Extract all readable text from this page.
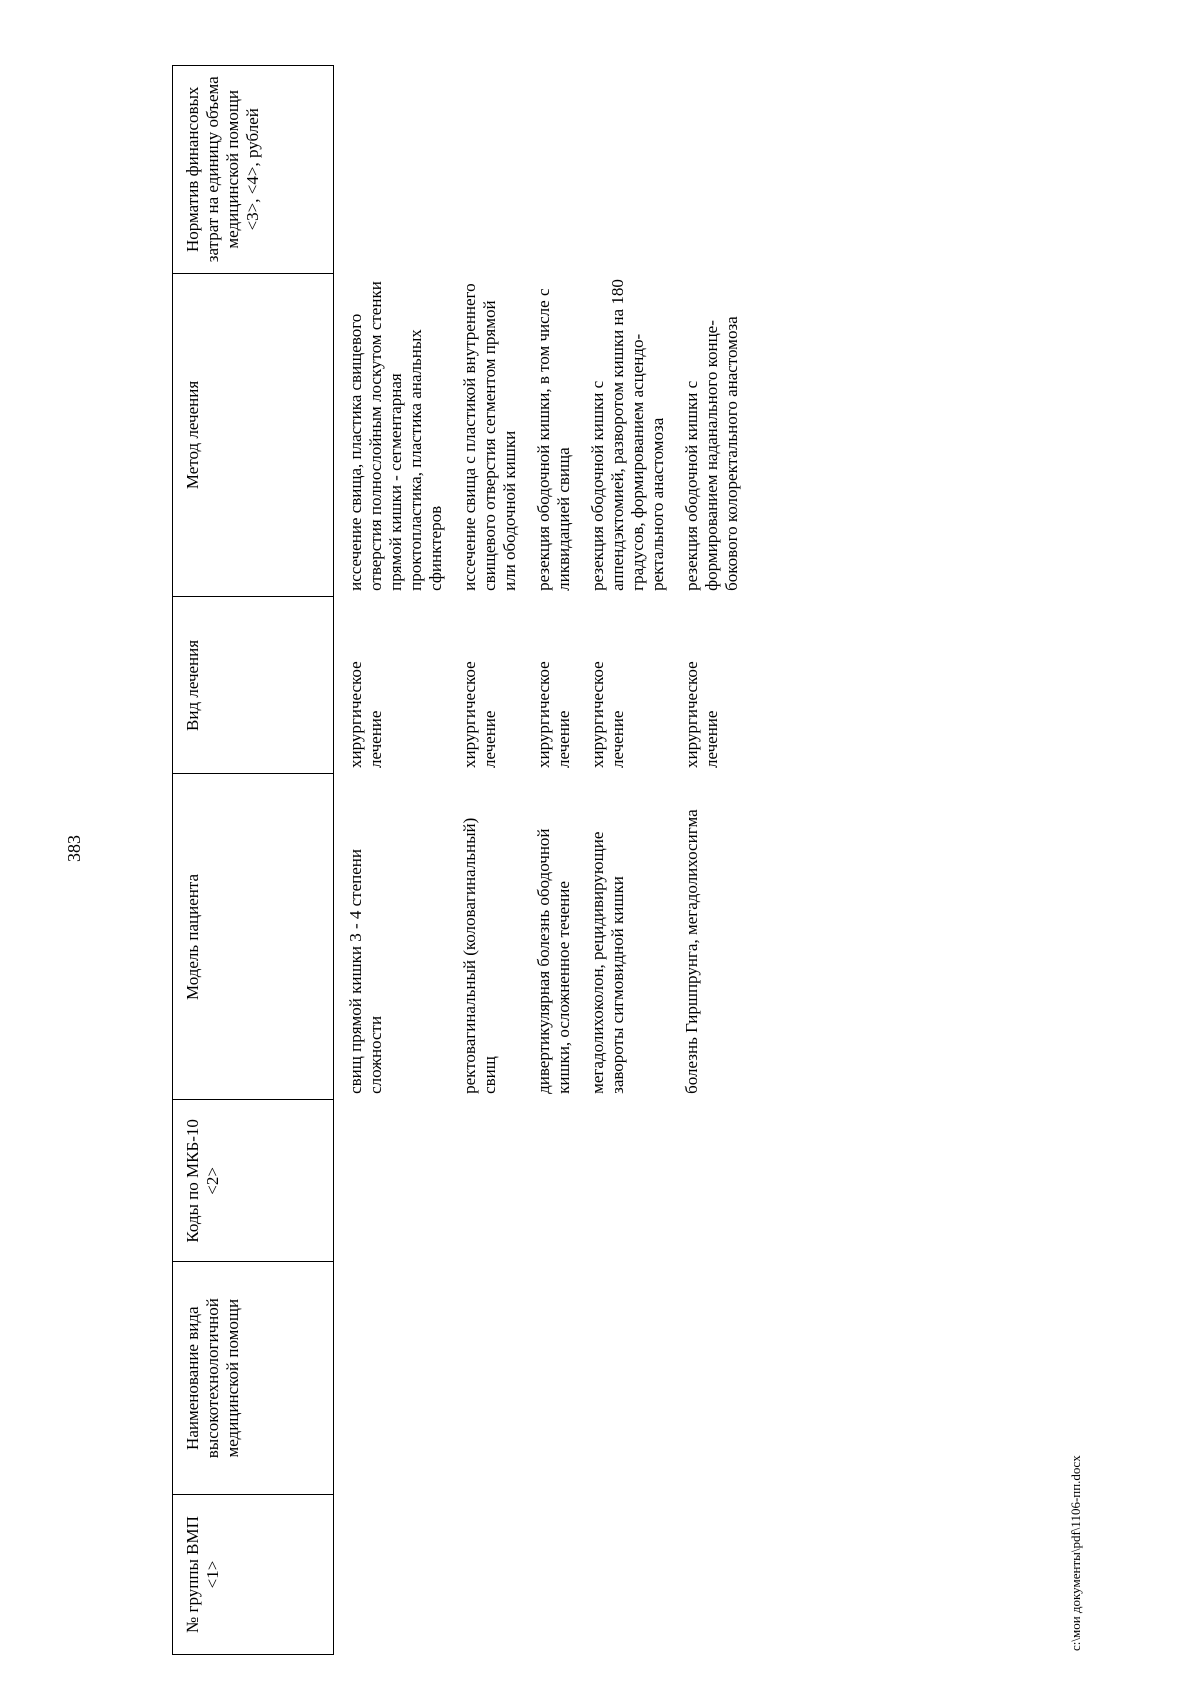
383
№ группы ВМП <1>	Наименование вида высокотехнологичной медицинской помощи	Коды по МКБ-10 <2>	Модель пациента	Вид лечения	Метод лечения	Норматив финансовых затрат на единицу объема медицинской помощи <3>, <4>, рублей
			свищ прямой кишки 3 - 4 степени сложности	хирургическое лечение	иссечение свища, пластика свищевого отверстия полнослойным лоскутом стенки прямой кишки - сегментарная проктопластика, пластика анальных сфинктеров	
			ректовагинальный (коловагинальный) свищ	хирургическое лечение	иссечение свища с пластикой внутреннего свищевого отверстия сегментом прямой или ободочной кишки	
			дивертикулярная болезнь ободочной кишки, осложненное течение	хирургическое лечение	резекция ободочной кишки, в том числе с ликвидацией свища	
			мегадолихоколон, рецидивирующие завороты сигмовидной кишки	хирургическое лечение	резекция ободочной кишки с аппендэктомией, разворотом кишки на 180 градусов, формированием асцендо-ректального анастомоза	
			болезнь Гиршпрунга, мегадолихосигма	хирургическое лечение	резекция ободочной кишки с формированием наданального конце-бокового колоректального анастомоза	
c:\мои документы\pdf\1106-пп.docx
